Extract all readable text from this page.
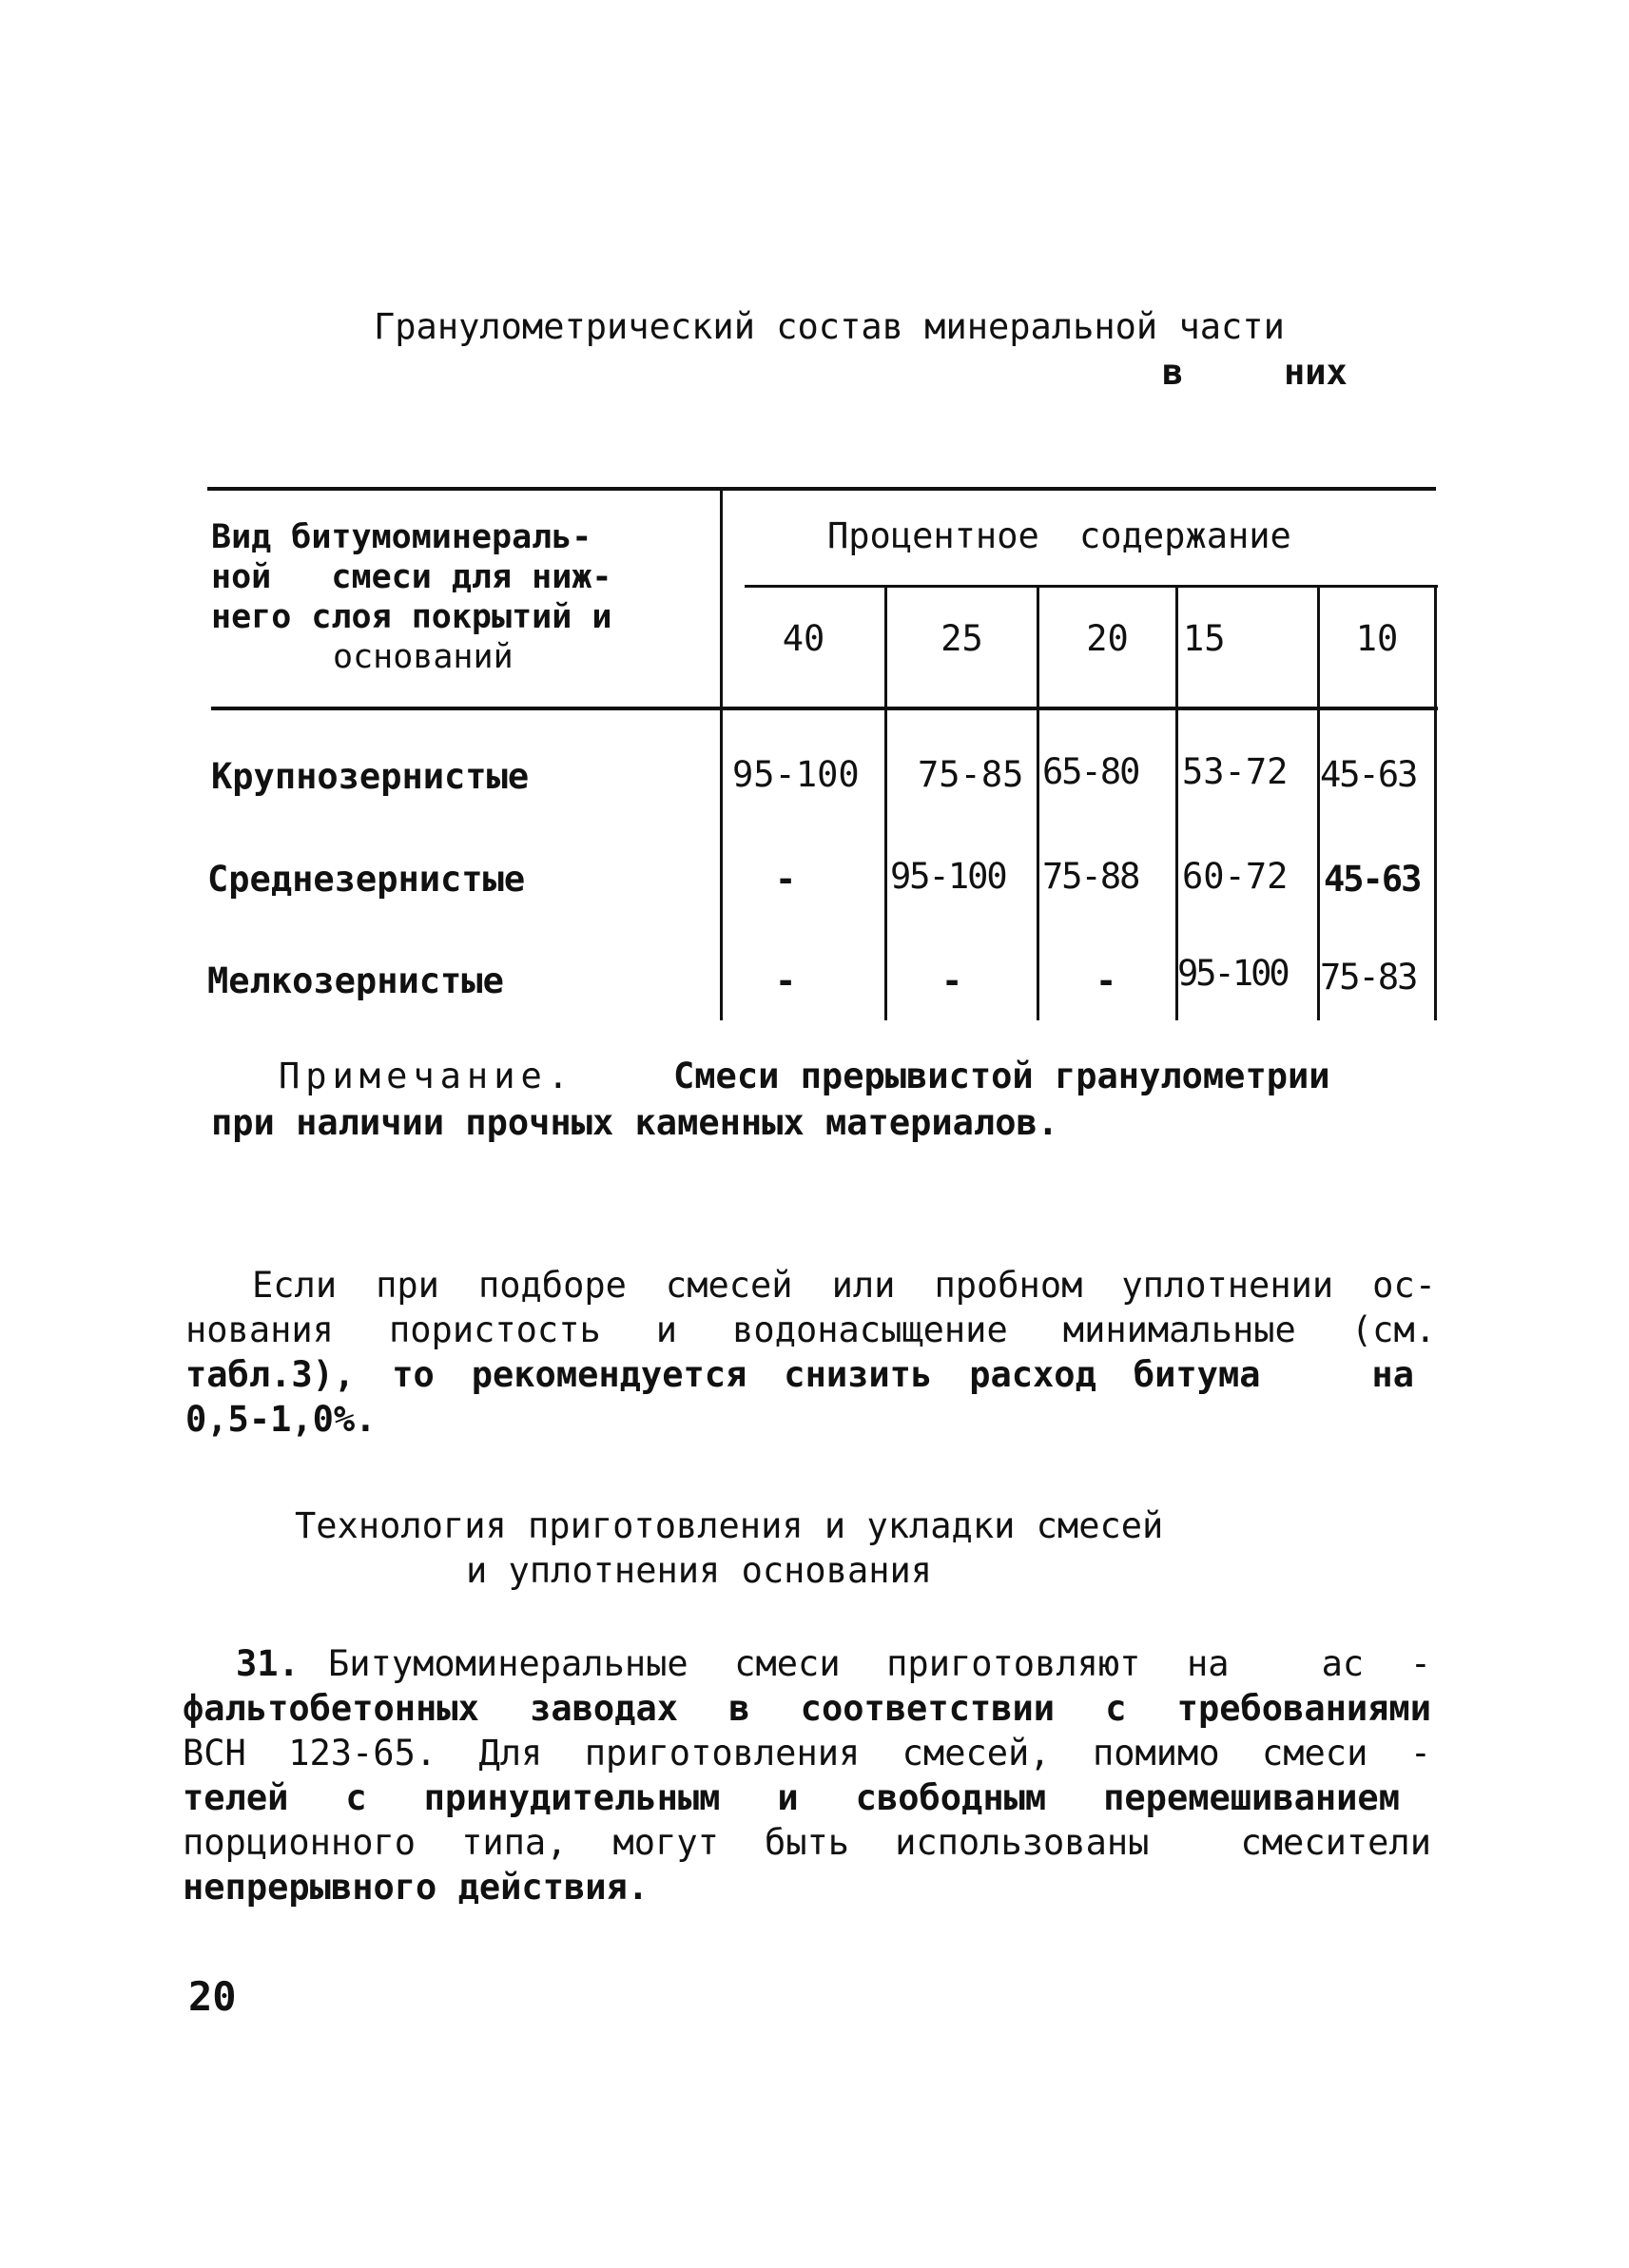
Гранулометрический состав минеральной части
в	них
Вид битумоминераль-
ной   смеси для ниж-
него слоя покрытий и
оснований
Процентное содержание
40	25	20	15	10
Крупнозернистые	95-100 75-85 65-80 53-72 45-63
Среднезернистые	-	95-100 75-88 60-72 45-63
Мелкозернистые	-	-	- 95-100 75-83
Примечание.	Смеси прерывистой гранулометрии
при наличии прочных каменных материалов.
Если при подборе смесей или пробном уплотнении ос-
нования пористость и водонасыщение минимальные (см.
табл.3), то рекомендуется снизить расход битума   на
0,5-1,0%.
Технология приготовления и укладки смесей
и уплотнения основания
31. Битумоминеральные смеси приготовляют на  ас -
фальтобетонных заводах в соответствии с требованиями
ВСН 123-65. Для приготовления смесей, помимо смеси -
телей с принудительным и свободным перемешиванием
порционного типа, могут быть использованы  смесители
непрерывного действия.
20
